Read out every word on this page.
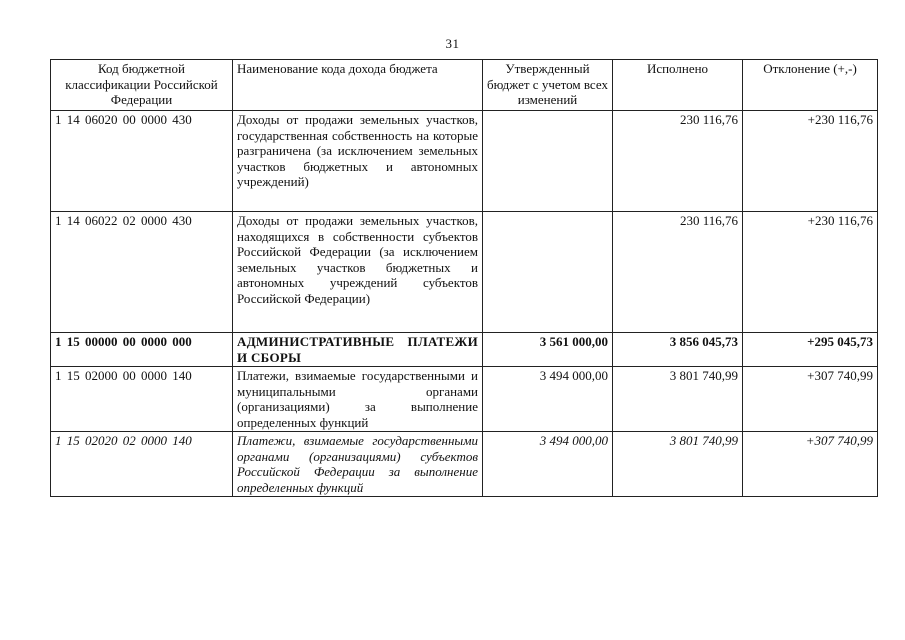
31
Код бюджетной классификации Российской Федерации	Наименование кода дохода бюджета	Утвержденный бюджет с учетом всех изменений	Исполнено	Отклонение (+,-)
1 14 06020 00 0000 430	Доходы от продажи земельных участков, государственная собственность на которые разграничена (за исключением земельных участков бюджетных и автономных учреждений)		230 116,76	+230 116,76
1 14 06022 02 0000 430	Доходы от продажи земельных участков, находящихся в собственности субъектов Российской Федерации (за исключением земельных участков бюджетных и автономных учреждений субъектов Российской Федерации)		230 116,76	+230 116,76
1 15 00000 00 0000 000	АДМИНИСТРАТИВНЫЕ ПЛАТЕЖИ И СБОРЫ	3 561 000,00	3 856 045,73	+295 045,73
1 15 02000 00 0000 140	Платежи, взимаемые государственными и муниципальными органами (организациями) за выполнение определенных функций	3 494 000,00	3 801 740,99	+307 740,99
1 15 02020 02 0000 140	Платежи, взимаемые государственными органами (организациями) субъектов Российской Федерации за выполнение определенных функций	3 494 000,00	3 801 740,99	+307 740,99
